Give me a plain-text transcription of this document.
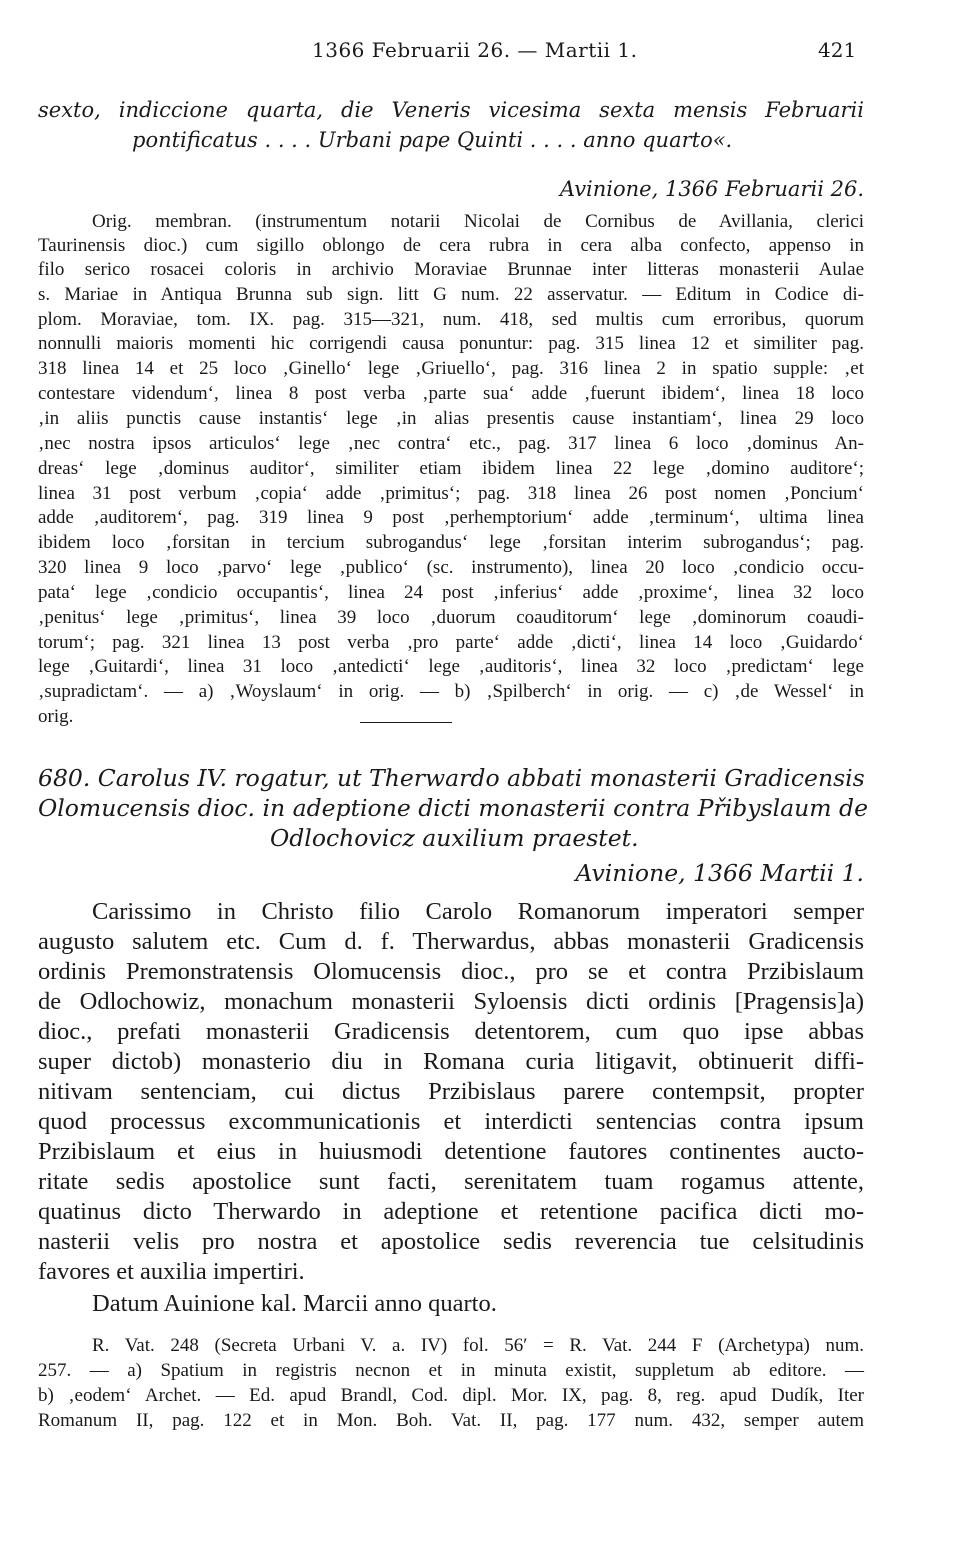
1366 Februarii 26. — Martii 1.	421
sexto, indiccione quarta, die Veneris vicesima sexta mensis Februarii
pontificatus . . . . Urbani pape Quinti . . . . anno quarto«.
Avinione, 1366 Februarii 26.
Orig. membran. (instrumentum notarii Nicolai de Cornibus de Avillania, clerici
Taurinensis dioc.) cum sigillo oblongo de cera rubra in cera alba confecto, appenso in
filo serico rosacei coloris in archivio Moraviae Brunnae inter litteras monasterii Aulae
s. Mariae in Antiqua Brunna sub sign. litt G num. 22 asservatur. — Editum in Codice di-
plom. Moraviae, tom. IX. pag. 315—321, num. 418, sed multis cum erroribus, quorum
nonnulli maioris momenti hic corrigendi causa ponuntur: pag. 315 linea 12 et similiter pag.
318 linea 14 et 25 loco ‚Ginello‘ lege ‚Griuello‘, pag. 316 linea 2 in spatio supple: ‚et
contestare videndum‘, linea 8 post verba ‚parte sua‘ adde ‚fuerunt ibidem‘, linea 18 loco
‚in aliis punctis cause instantis‘ lege ‚in alias presentis cause instantiam‘, linea 29 loco
‚nec nostra ipsos articulos‘ lege ‚nec contra‘ etc., pag. 317 linea 6 loco ‚dominus An-
dreas‘ lege ‚dominus auditor‘, similiter etiam ibidem linea 22 lege ‚domino auditore‘;
linea 31 post verbum ‚copia‘ adde ‚primitus‘; pag. 318 linea 26 post nomen ‚Poncium‘
adde ‚auditorem‘, pag. 319 linea 9 post ‚perhemptorium‘ adde ‚terminum‘, ultima linea
ibidem loco ‚forsitan in tercium subrogandus‘ lege ‚forsitan interim subrogandus‘; pag.
320 linea 9 loco ‚parvo‘ lege ‚publico‘ (sc. instrumento), linea 20 loco ‚condicio occu-
pata‘ lege ‚condicio occupantis‘, linea 24 post ‚inferius‘ adde ‚proxime‘, linea 32 loco
‚penitus‘ lege ‚primitus‘, linea 39 loco ‚duorum coauditorum‘ lege ‚dominorum coaudi-
torum‘; pag. 321 linea 13 post verba ‚pro parte‘ adde ‚dicti‘, linea 14 loco ‚Guidardo‘
lege ‚Guitardi‘, linea 31 loco ‚antedicti‘ lege ‚auditoris‘, linea 32 loco ‚predictam‘ lege
‚supradictam‘. — a) ‚Woyslaum‘ in orig. — b) ‚Spilberch‘ in orig. — c) ‚de Wessel‘ in
orig.
680. Carolus IV. rogatur, ut Therwardo abbati monasterii Gradicensis
Olomucensis dioc. in adeptione dicti monasterii contra Přibyslaum de
Odlochovicz auxilium praestet.
Avinione, 1366 Martii 1.
Carissimo in Christo filio Carolo Romanorum imperatori semper
augusto salutem etc. Cum d. f. Therwardus, abbas monasterii Gradicensis
ordinis Premonstratensis Olomucensis dioc., pro se et contra Przibislaum
de Odlochowiz, monachum monasterii Syloensis dicti ordinis [Pragensis]a)
dioc., prefati monasterii Gradicensis detentorem, cum quo ipse abbas
super dictob) monasterio diu in Romana curia litigavit, obtinuerit diffi-
nitivam sentenciam, cui dictus Przibislaus parere contempsit, propter
quod processus excommunicationis et interdicti sentencias contra ipsum
Przibislaum et eius in huiusmodi detentione fautores continentes aucto-
ritate sedis apostolice sunt facti, serenitatem tuam rogamus attente,
quatinus dicto Therwardo in adeptione et retentione pacifica dicti mo-
nasterii velis pro nostra et apostolice sedis reverencia tue celsitudinis
favores et auxilia impertiri.
Datum Auinione kal. Marcii anno quarto.
R. Vat. 248 (Secreta Urbani V. a. IV) fol. 56′ = R. Vat. 244 F (Archetypa) num.
257. — a) Spatium in registris necnon et in minuta existit, suppletum ab editore. —
b) ‚eodem‘ Archet. — Ed. apud Brandl, Cod. dipl. Mor. IX, pag. 8, reg. apud Dudík, Iter
Romanum II, pag. 122 et in Mon. Boh. Vat. II, pag. 177 num. 432, semper autem
